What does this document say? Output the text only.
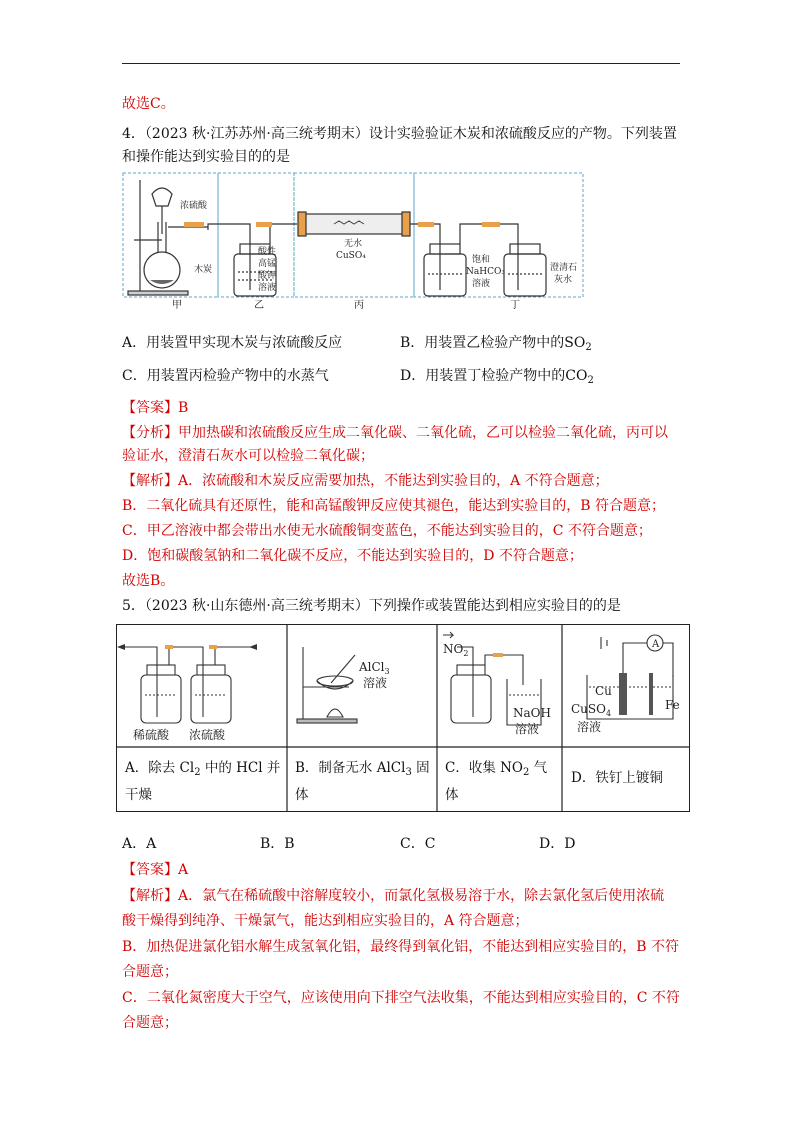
故选C。
4．（2023 秋·江苏苏州·高三统考期末）设计实验验证木炭和浓硫酸反应的产物。下列装置
和操作能达到实验目的的是
浓硫酸
木炭
酸性
高锰
酸钾
溶液
无水
CuSO₄	饱和
NaHCO₃
溶液
澄清石
灰水
甲	乙	丙	丁
A．用装置甲实现木炭与浓硫酸反应	B．用装置乙检验产物中的$SO_2$
C．用装置丙检验产物中的水蒸气	D．用装置丁检验产物中的$CO_2$
【答案】B
【分析】甲加热碳和浓硫酸反应生成二氧化碳、二氧化硫，乙可以检验二氧化硫，丙可以
验证水，澄清石灰水可以检验二氧化碳；
【解析】A．浓硫酸和木炭反应需要加热，不能达到实验目的，A 不符合题意；
B．二氧化硫具有还原性，能和高锰酸钾反应使其褪色，能达到实验目的，B 符合题意；
C．甲乙溶液中都会带出水使无水硫酸铜变蓝色，不能达到实验目的，C 不符合题意；
D．饱和碳酸氢钠和二氧化碳不反应，不能达到实验目的，D 不符合题意；
故选B。
5．（2023 秋·山东德州·高三统考期末）下列操作或装置能达到相应实验目的的是
稀硫酸 浓硫酸
AlCl$_3$
溶液
$NO_2$
NaOH
溶液
A
Cu
Fe
CuSO$_4$
溶液
A．除去 $Cl_2$ 中的 HCl 并干燥
B．制备无水 AlCl$_3$ 固体
C．收集 $NO_2$ 气体
D．铁钉上镀铜
A．A	B．B	C．C	D．D
【答案】A
【解析】A．氯气在稀硫酸中溶解度较小，而氯化氢极易溶于水，除去氯化氢后使用浓硫
酸干燥得到纯净、干燥氯气，能达到相应实验目的，A 符合题意；
B．加热促进氯化铝水解生成氢氧化铝，最终得到氧化铝，不能达到相应实验目的，B 不符
合题意；
C．二氧化氮密度大于空气，应该使用向下排空气法收集，不能达到相应实验目的，C 不符
合题意；
